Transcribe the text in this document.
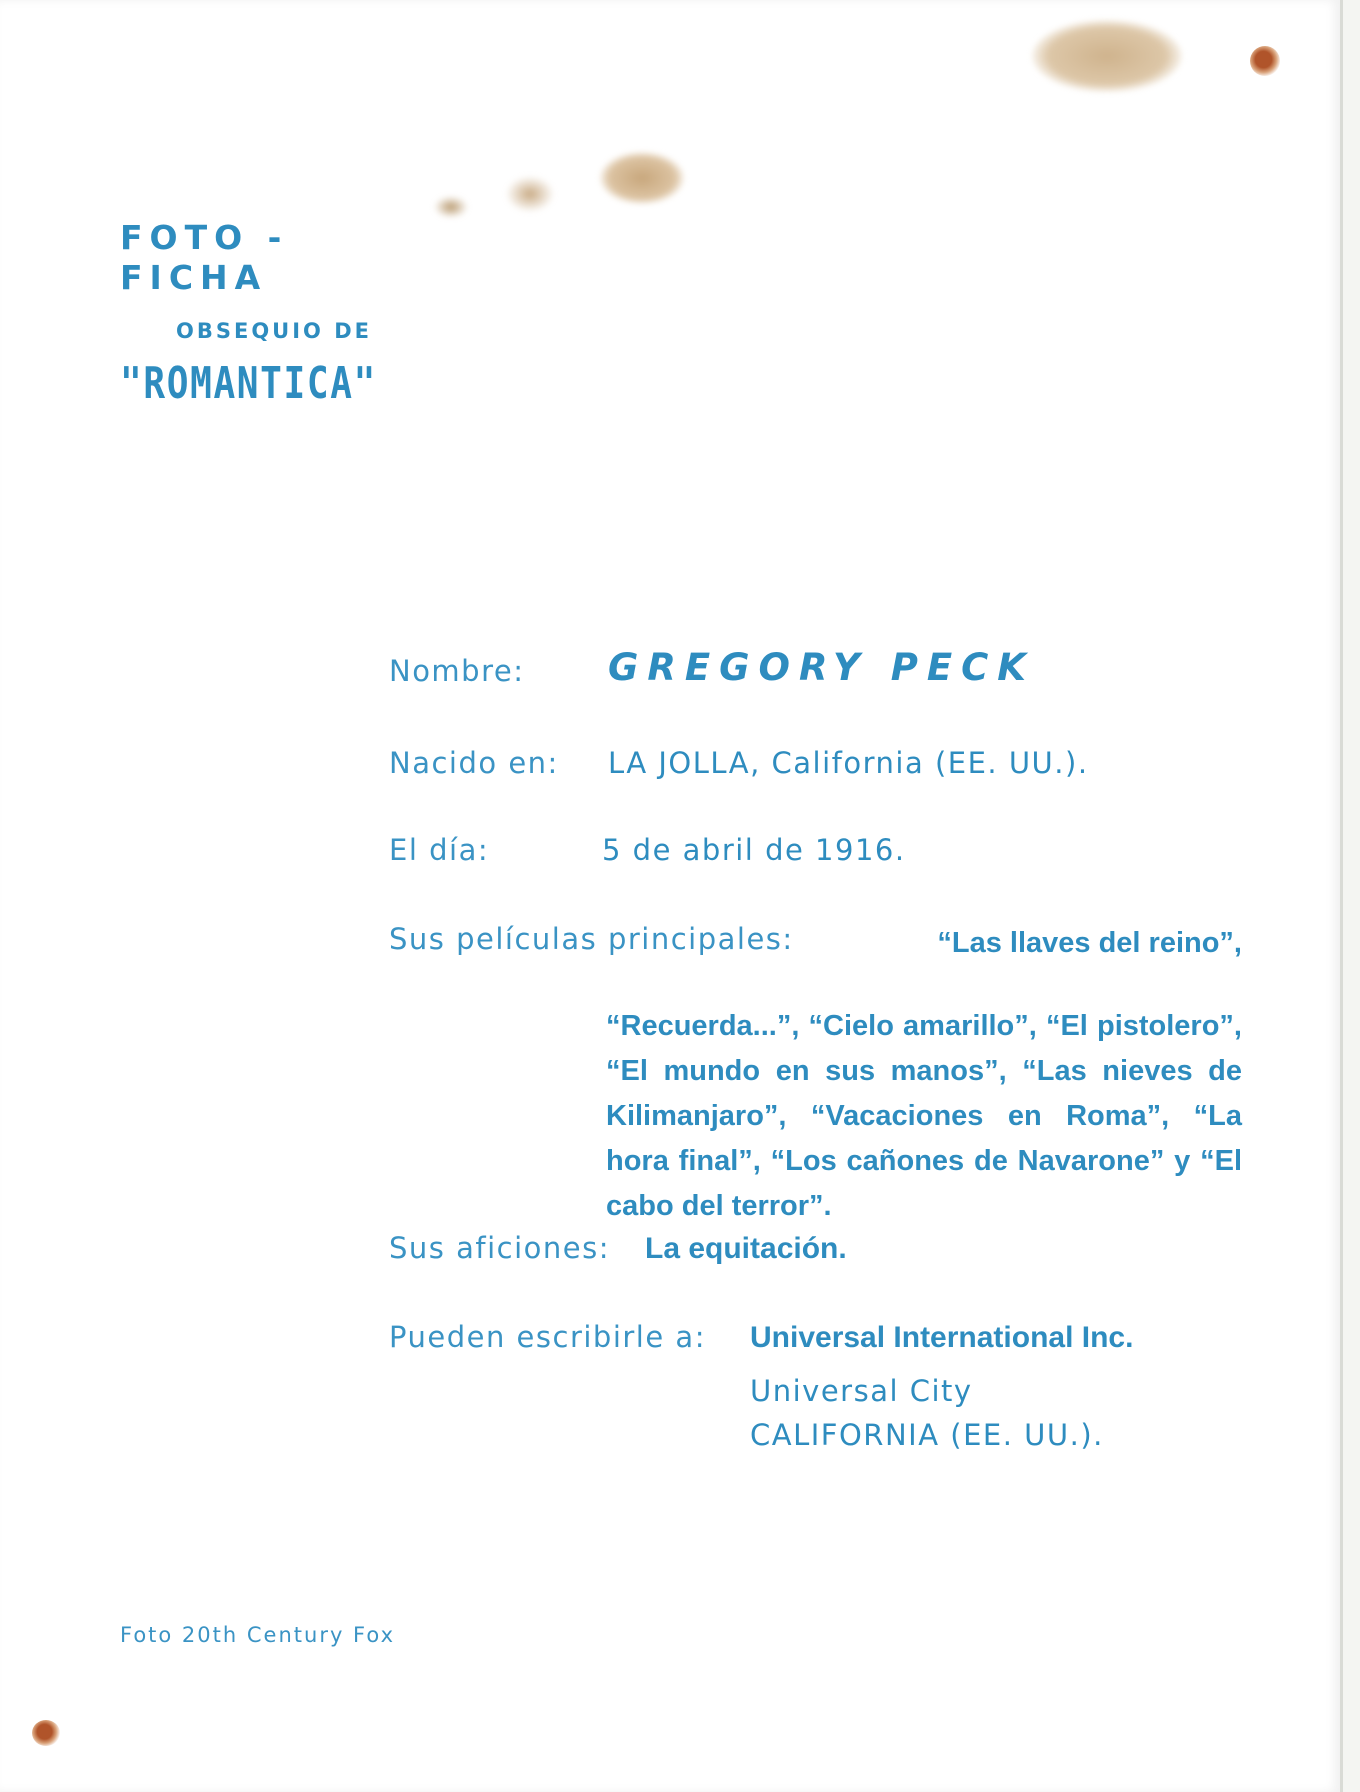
FOTO - FICHA
OBSEQUIO DE
"ROMANTICA"
Nombre: GREGORY PECK
Nacido en: LA JOLLA, California (EE. UU.).
El día:	5 de abril de 1916.
Sus películas principales:	“Las llaves del reino”,
“Recuerda...”, “Cielo amarillo”, “El pistolero”, “El mundo en sus manos”, “Las nieves de Kilimanjaro”, “Vacaciones en Roma”, “La hora final”, “Los cañones de Navarone” y “El cabo del terror”.
Sus aficiones: La equitación.
Pueden escribirle a: Universal International Inc.
Universal City
CALIFORNIA (EE. UU.).
Foto 20th Century Fox
